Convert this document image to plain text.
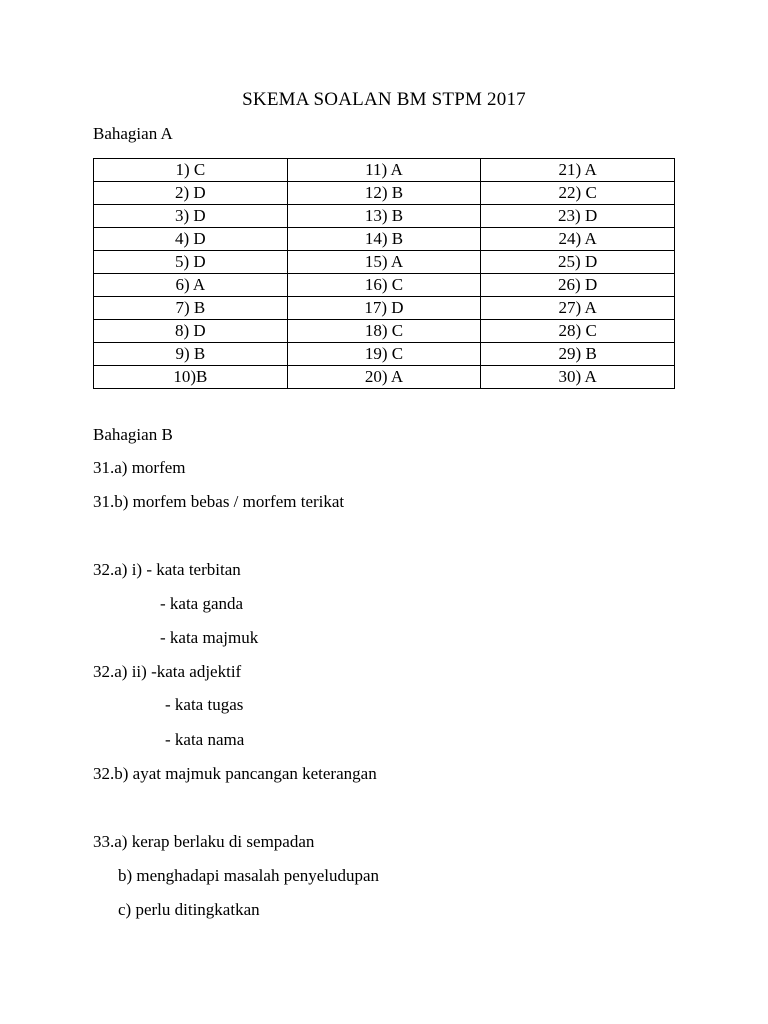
SKEMA SOALAN BM STPM 2017
Bahagian A
1) C	11) A	21) A
2) D	12) B	22) C
3) D	13) B	23) D
4) D	14) B	24) A
5) D	15) A	25) D
6) A	16) C	26) D
7) B	17) D	27) A
8) D	18) C	28) C
9) B	19) C	29) B
10)B	20) A	30) A
Bahagian B
31.a) morfem
31.b) morfem bebas / morfem terikat
32.a) i) - kata terbitan
- kata ganda
- kata majmuk
32.a) ii) -kata adjektif
- kata tugas
- kata nama
32.b) ayat majmuk pancangan keterangan
33.a) kerap berlaku di sempadan
b) menghadapi masalah penyeludupan
c) perlu ditingkatkan
